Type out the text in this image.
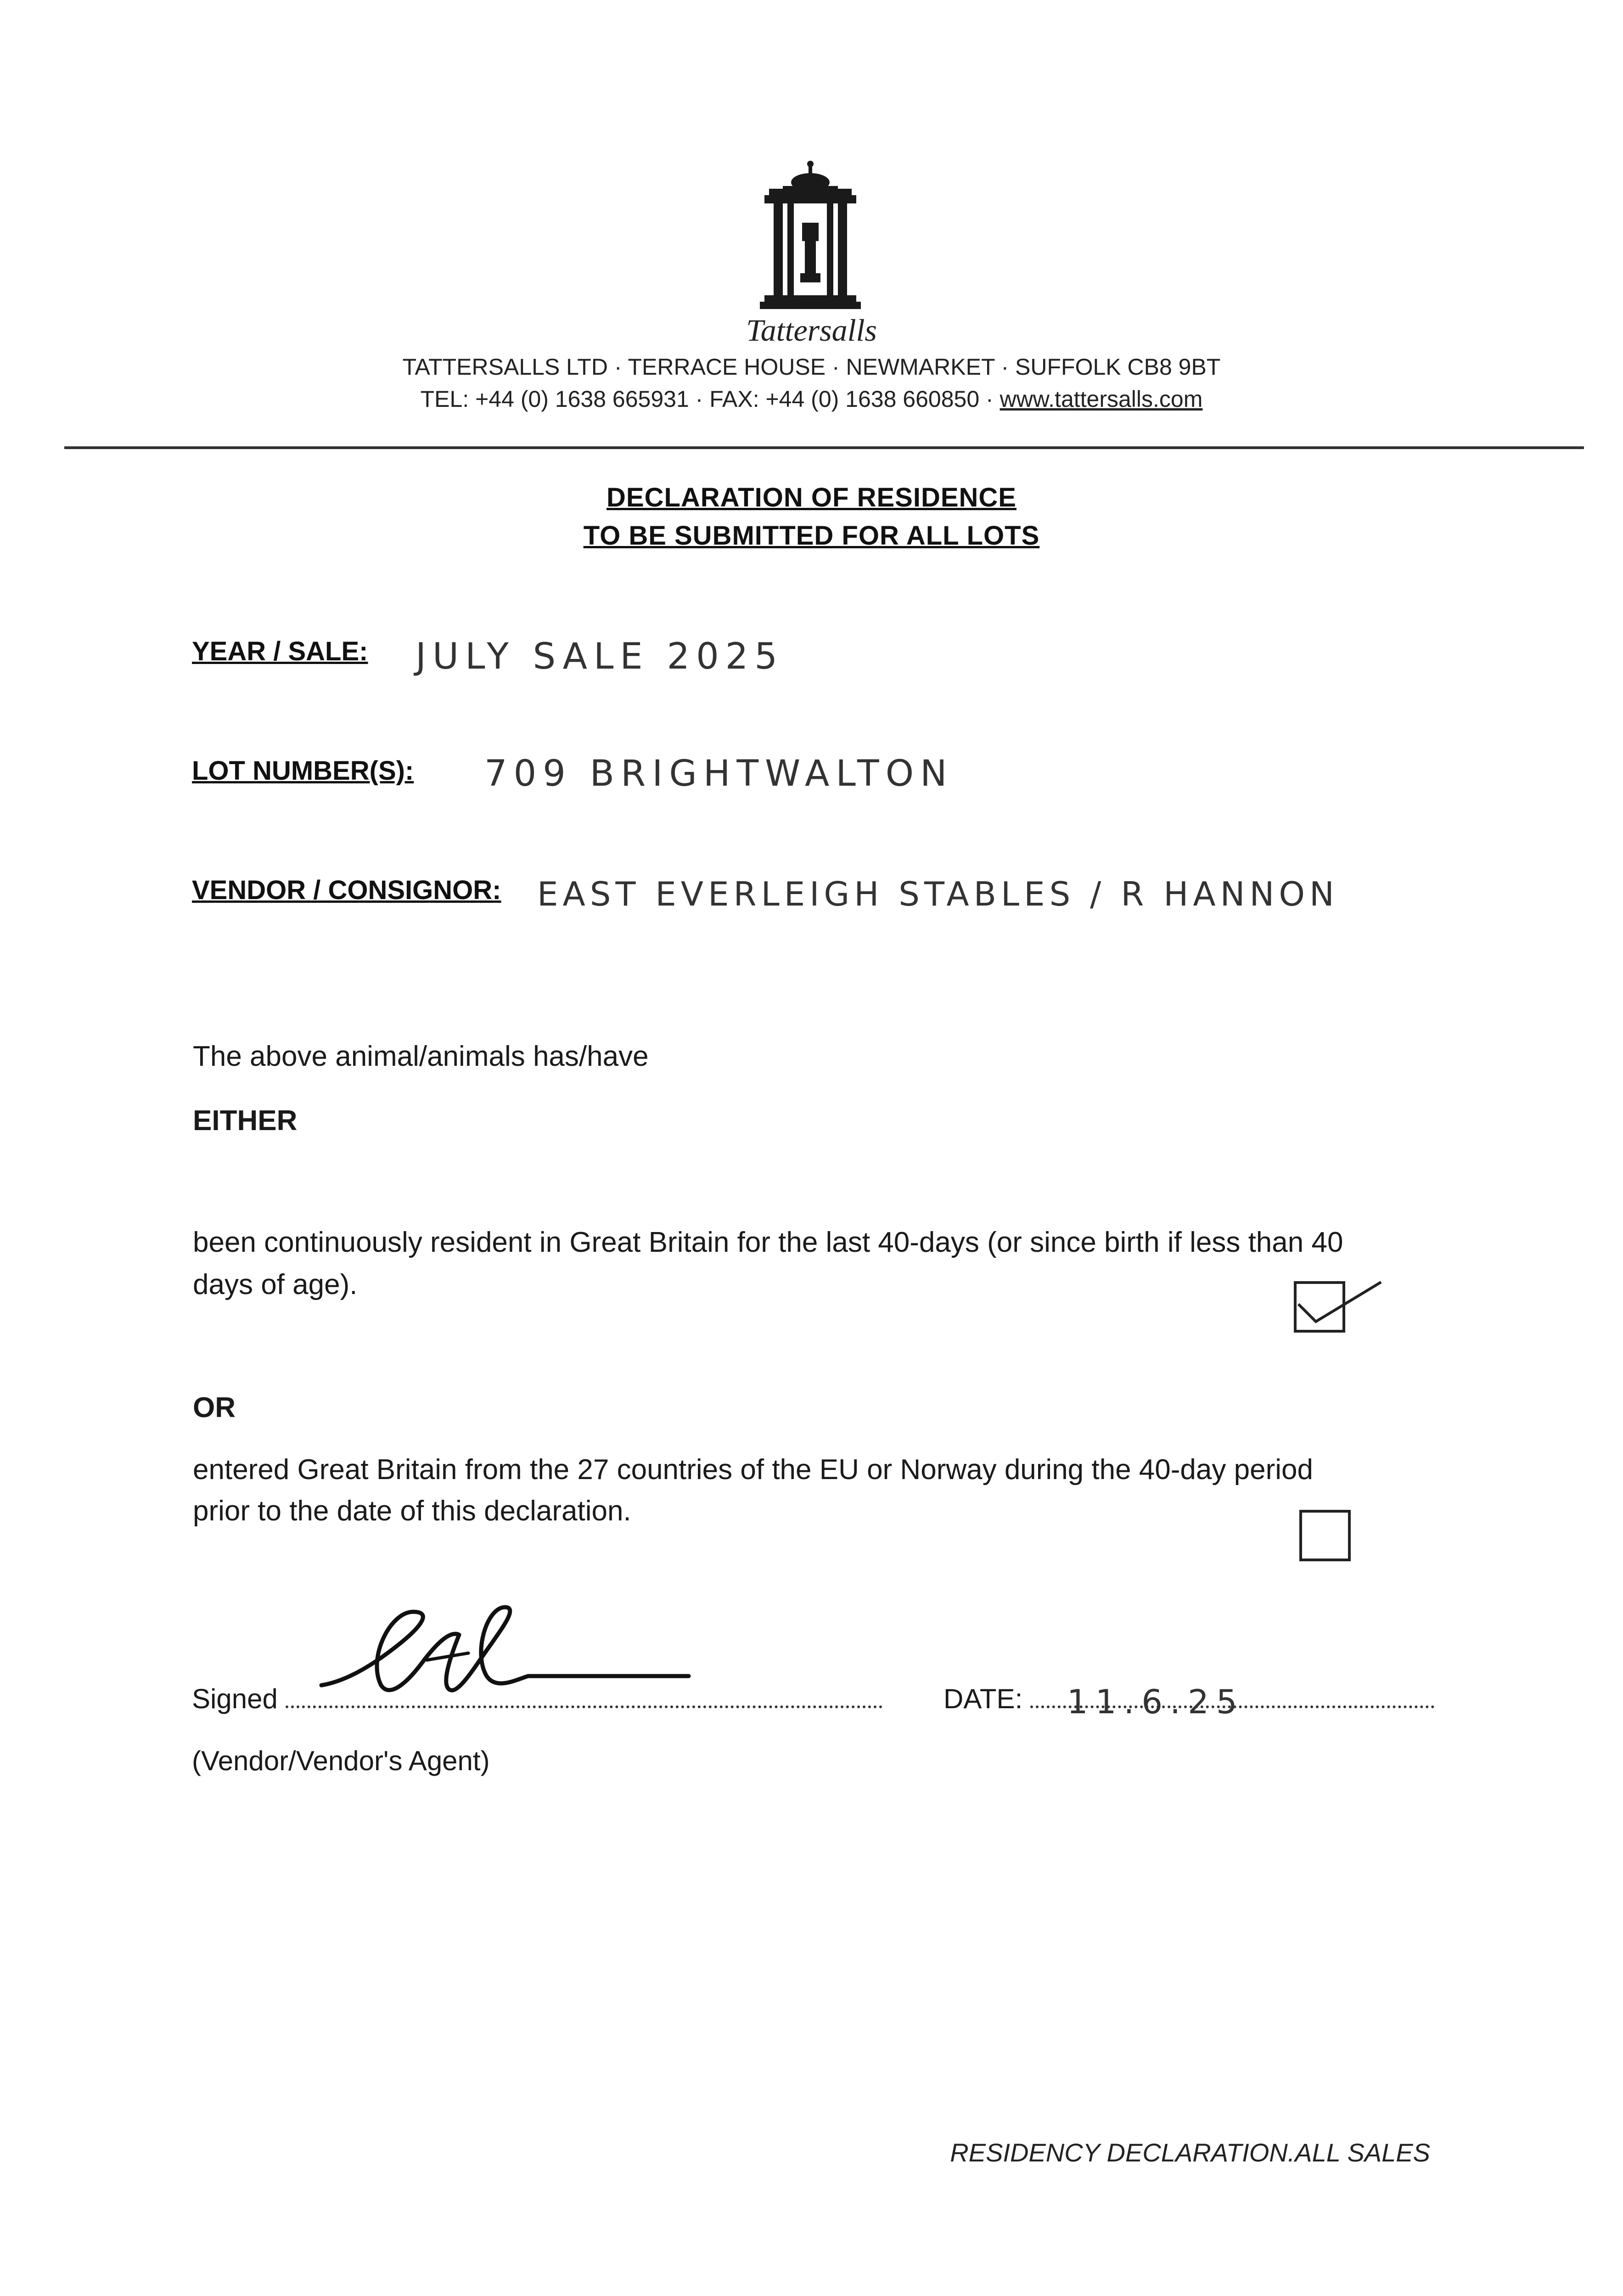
Tattersalls
TATTERSALLS LTD · TERRACE HOUSE · NEWMARKET · SUFFOLK CB8 9BT
TEL: +44 (0) 1638 665931 · FAX: +44 (0) 1638 660850 · www.tattersalls.com
DECLARATION OF RESIDENCE
TO BE SUBMITTED FOR ALL LOTS
YEAR / SALE: JULY SALE 2025
LOT NUMBER(S): 709 BRIGHTWALTON
VENDOR / CONSIGNOR: EAST EVERLEIGH STABLES / R HANNON
The above animal/animals has/have
EITHER
been continuously resident in Great Britain for the last 40-days (or since birth if less than 40
days of age).
OR
entered Great Britain from the 27 countries of the EU or Norway during the 40-day period
prior to the date of this declaration.
Signed	DATE: 11.6.25
(Vendor/Vendor's Agent)
RESIDENCY DECLARATION.ALL SALES
